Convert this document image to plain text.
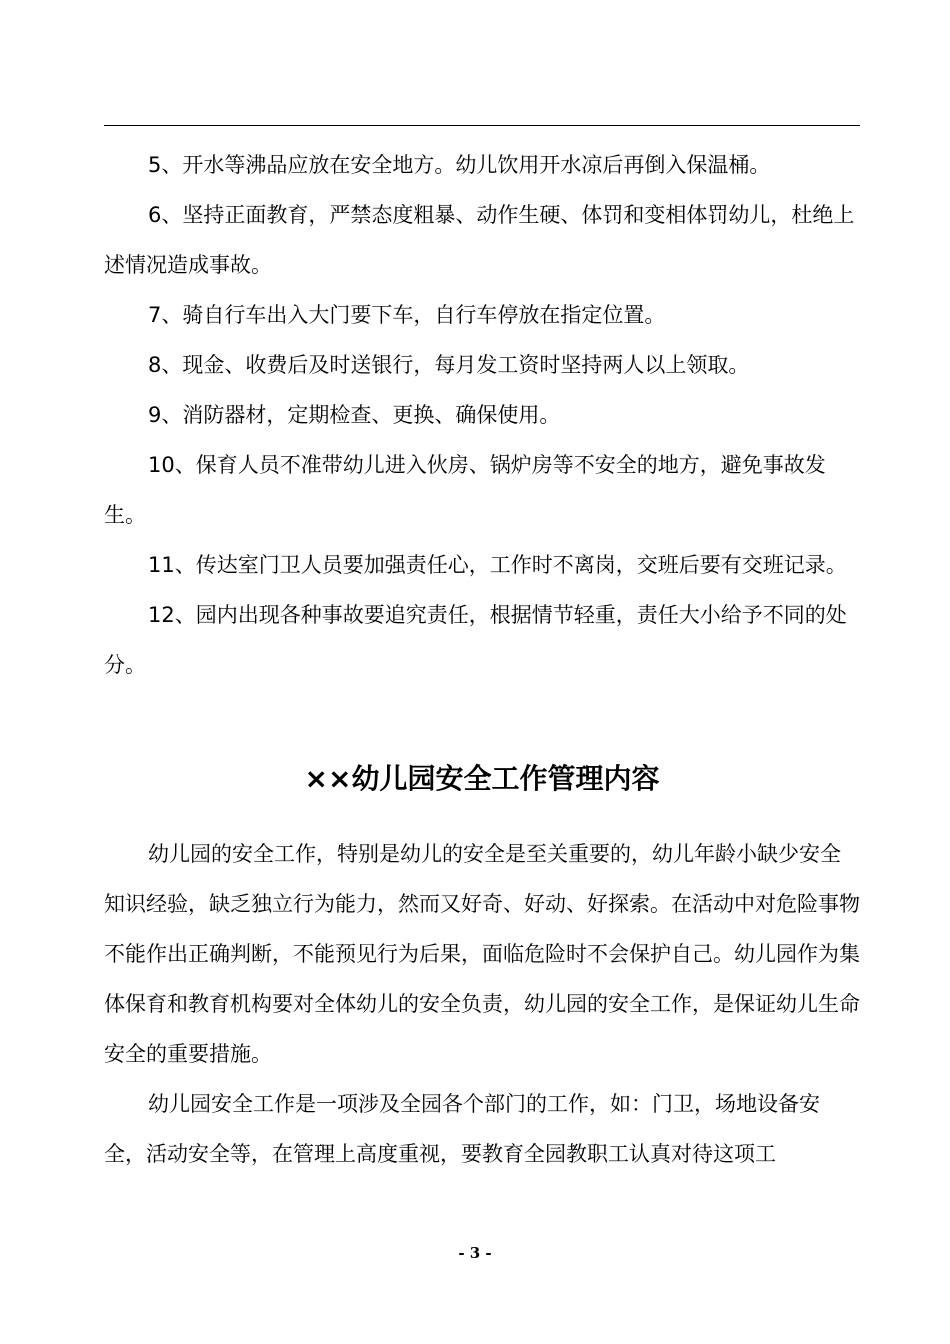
5、开水等沸品应放在安全地方。幼儿饮用开水凉后再倒入保温桶。

6、坚持正面教育，严禁态度粗暴、动作生硬、体罚和变相体罚幼儿，杜绝上述情况造成事故。

7、骑自行车出入大门要下车，自行车停放在指定位置。

8、现金、收费后及时送银行，每月发工资时坚持两人以上领取。

9、消防器材，定期检查、更换、确保使用。

10、保育人员不准带幼儿进入伙房、锅炉房等不安全的地方，避免事故发生。

11、传达室门卫人员要加强责任心，工作时不离岗，交班后要有交班记录。

12、园内出现各种事故要追究责任，根据情节轻重，责任大小给予不同的处分。

××幼儿园安全工作管理内容

幼儿园的安全工作，特别是幼儿的安全是至关重要的，幼儿年龄小缺少安全知识经验，缺乏独立行为能力，然而又好奇、好动、好探索。在活动中对危险事物不能作出正确判断，不能预见行为后果，面临危险时不会保护自己。幼儿园作为集体保育和教育机构要对全体幼儿的安全负责，幼儿园的安全工作，是保证幼儿生命安全的重要措施。

幼儿园安全工作是一项涉及全园各个部门的工作，如：门卫，场地设备安全，活动安全等，在管理上高度重视，要教育全园教职工认真对待这项工

- 3 -
